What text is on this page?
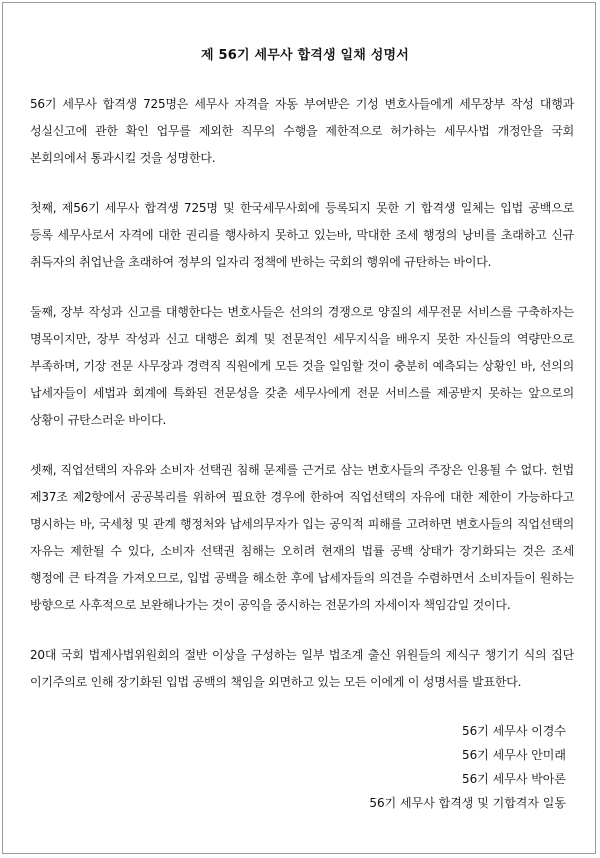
제 56기 세무사 합격생 일채 성명서

56기 세무사 합격생 725명은 세무사 자격을 자동 부여받은 기성 변호사들에게 세무장부 작성 대행과 성실신고에 관한 확인 업무를 제외한 직무의 수행을 제한적으로 허가하는 세무사법 개정안을 국회 본회의에서 통과시킬 것을 성명한다.

첫째, 제56기 세무사 합격생 725명 및 한국세무사회에 등록되지 못한 기 합격생 일체는 입법 공백으로 등록 세무사로서 자격에 대한 권리를 행사하지 못하고 있는바, 막대한 조세 행정의 낭비를 초래하고 신규 취득자의 취업난을 초래하여 정부의 일자리 정책에 반하는 국회의 행위에 규탄하는 바이다.

둘째, 장부 작성과 신고를 대행한다는 변호사들은 선의의 경쟁으로 양질의 세무전문 서비스를 구축하자는 명목이지만, 장부 작성과 신고 대행은 회계 및 전문적인 세무지식을 배우지 못한 자신들의 역량만으로 부족하며, 기장 전문 사무장과 경력직 직원에게 모든 것을 일임할 것이 충분히 예측되는 상황인 바, 선의의 납세자들이 세법과 회계에 특화된 전문성을 갖춘 세무사에게 전문 서비스를 제공받지 못하는 앞으로의 상황이 규탄스러운 바이다.

셋째, 직업선택의 자유와 소비자 선택권 침해 문제를 근거로 삼는 변호사들의 주장은 인용될 수 없다. 헌법 제37조 제2항에서 공공복리를 위하여 필요한 경우에 한하여 직업선택의 자유에 대한 제한이 가능하다고 명시하는 바, 국세청 및 관계 행정처와 납세의무자가 입는 공익적 피해를 고려하면 변호사들의 직업선택의 자유는 제한될 수 있다, 소비자 선택권 침해는 오히려 현재의 법률 공백 상태가 장기화되는 것은 조세 행정에 큰 타격을 가져오므로, 입법 공백을 해소한 후에 납세자들의 의견을 수렴하면서 소비자들이 원하는 방향으로 사후적으로 보완해나가는 것이 공익을 중시하는 전문가의 자세이자 책임감일 것이다.

20대 국회 법제사법위원회의 절반 이상을 구성하는 일부 법조계 출신 위원들의 제식구 챙기기 식의 집단 이기주의로 인해 장기화된 입법 공백의 책임을 외면하고 있는 모든 이에게 이 성명서를 발표한다.

56기 세무사 이경수
56기 세무사 안미래
56기 세무사 박아론
56기 세무사 합격생 및 기합격자 일동
